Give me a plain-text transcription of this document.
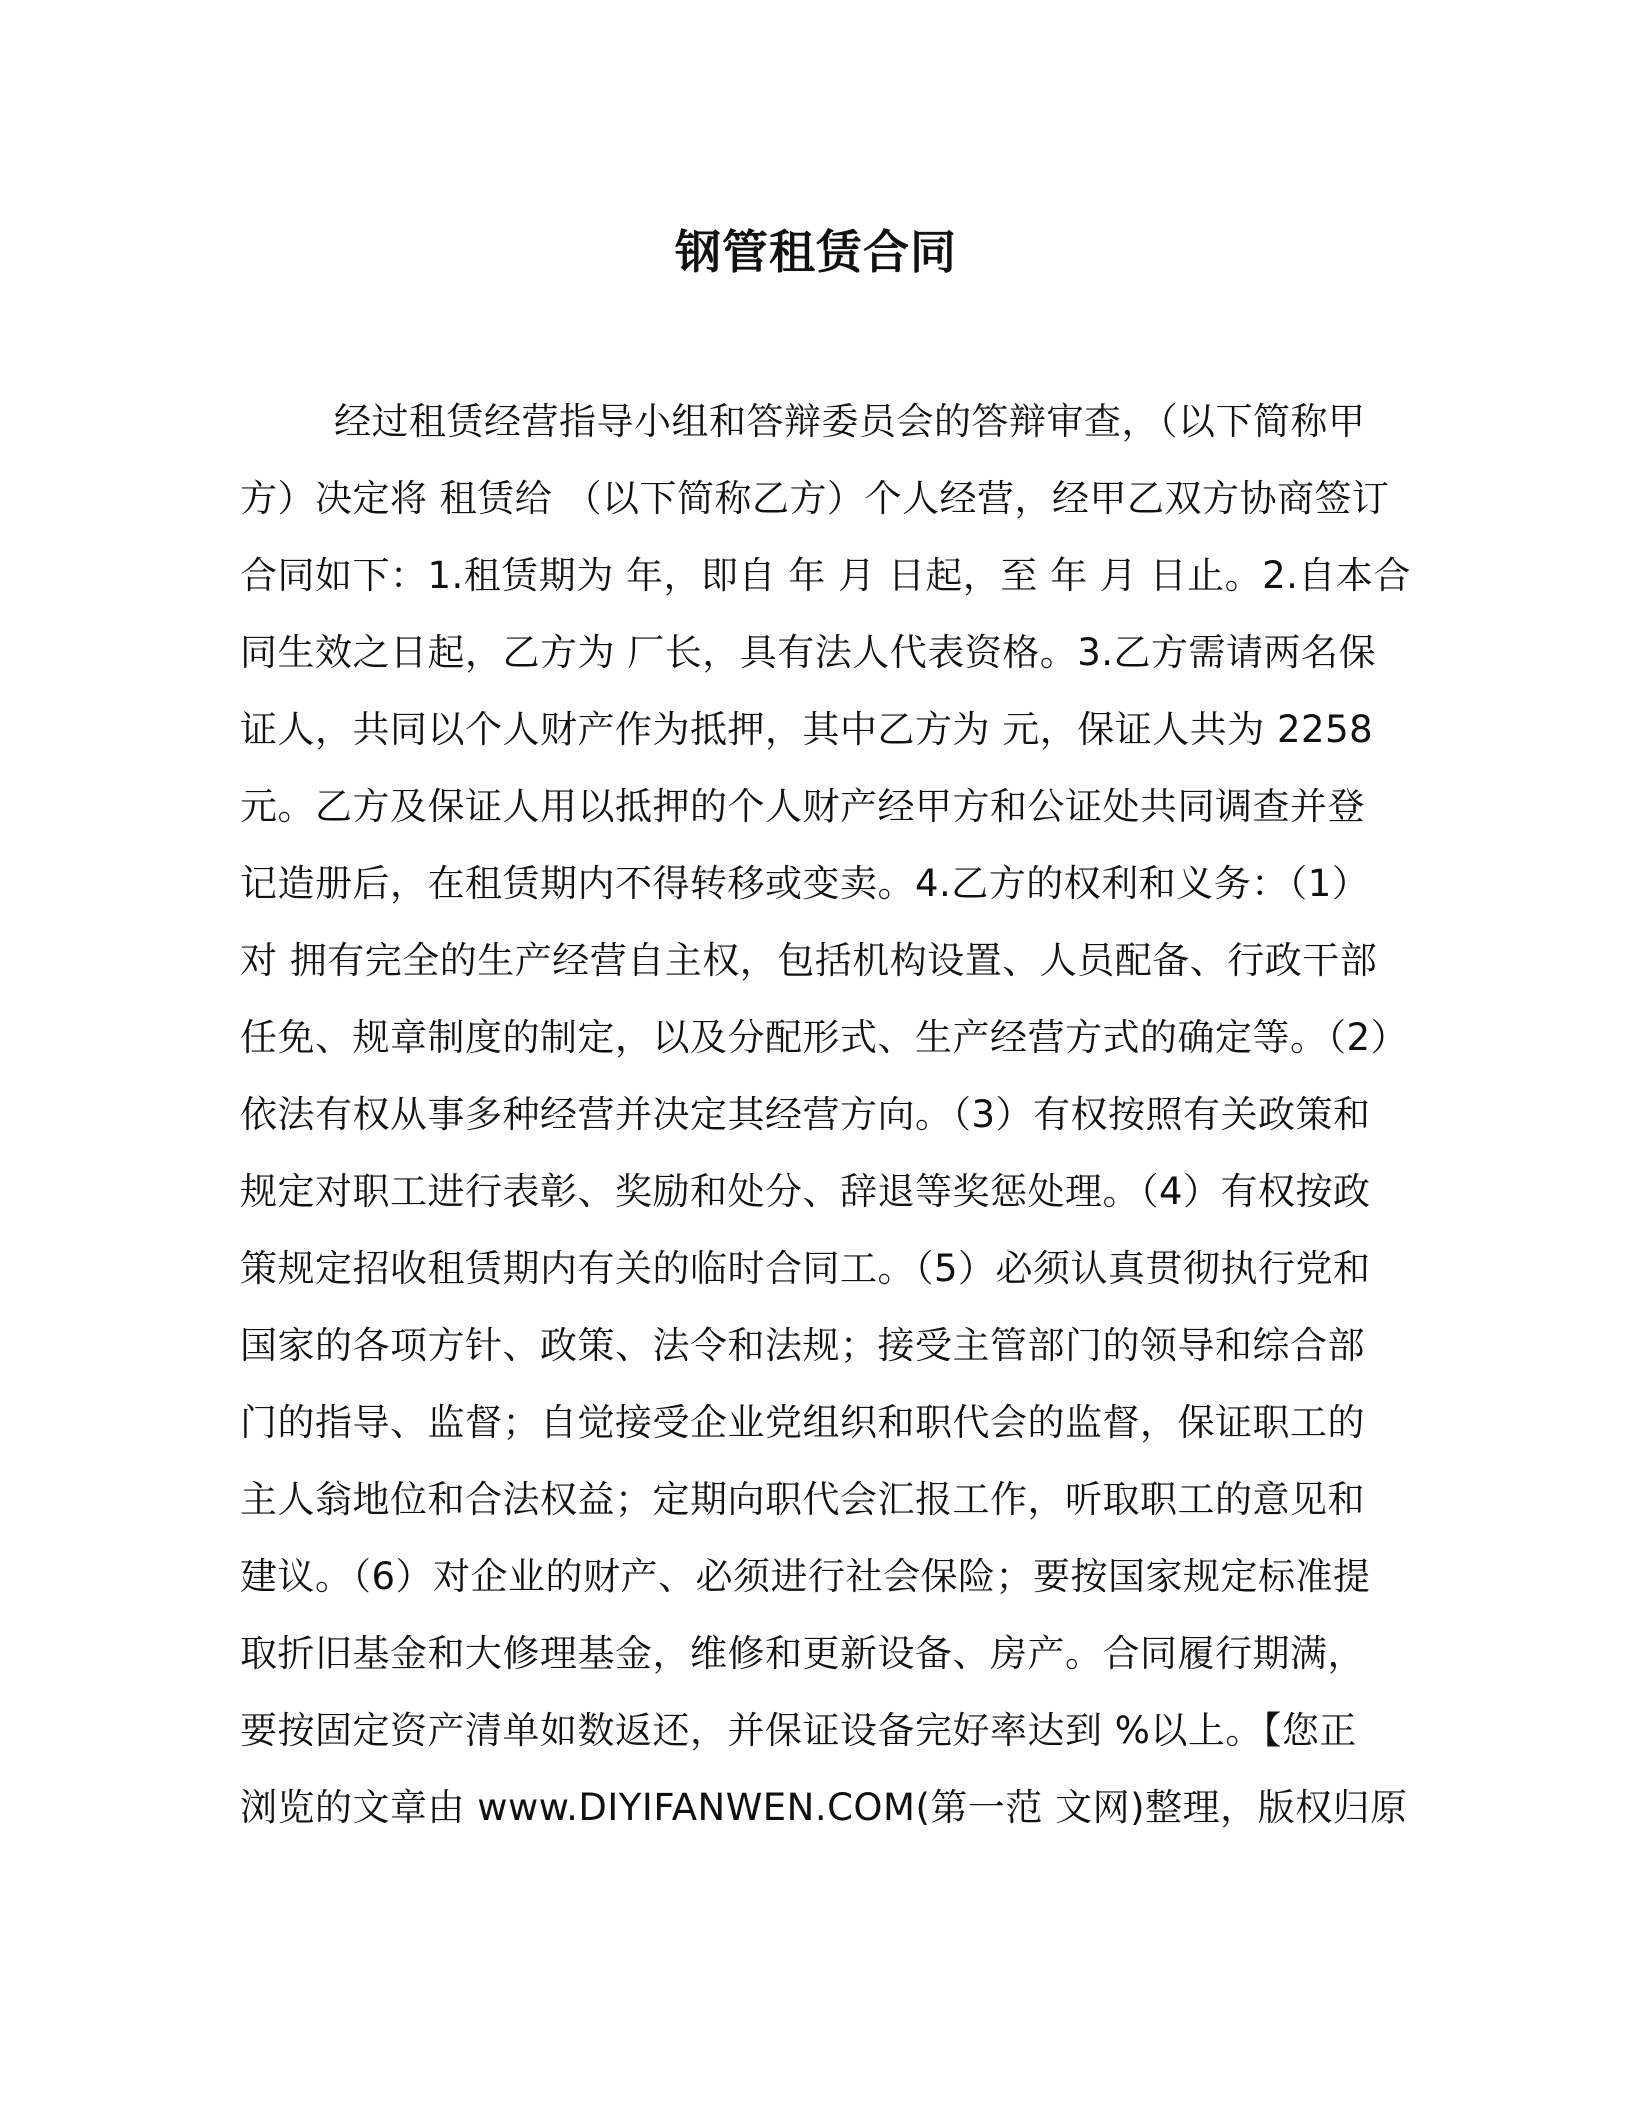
钢管租赁合同
经过租赁经营指导小组和答辩委员会的答辩审查，（以下简称甲
方）决定将 租赁给 （以下简称乙方）个人经营，经甲乙双方协商签订
合同如下：1.租赁期为 年，即自 年 月 日起，至 年 月 日止。2.自本合
同生效之日起，乙方为 厂长，具有法人代表资格。3.乙方需请两名保
证人，共同以个人财产作为抵押，其中乙方为 元，保证人共为 2258
元。乙方及保证人用以抵押的个人财产经甲方和公证处共同调查并登
记造册后，在租赁期内不得转移或变卖。4.乙方的权利和义务：（1）
对 拥有完全的生产经营自主权，包括机构设置、人员配备、行政干部
任免、规章制度的制定，以及分配形式、生产经营方式的确定等。（2）
依法有权从事多种经营并决定其经营方向。（3）有权按照有关政策和
规定对职工进行表彰、奖励和处分、辞退等奖惩处理。（4）有权按政
策规定招收租赁期内有关的临时合同工。（5）必须认真贯彻执行党和
国家的各项方针、政策、法令和法规；接受主管部门的领导和综合部
门的指导、监督；自觉接受企业党组织和职代会的监督，保证职工的
主人翁地位和合法权益；定期向职代会汇报工作，听取职工的意见和
建议。（6）对企业的财产、必须进行社会保险；要按国家规定标准提
取折旧基金和大修理基金，维修和更新设备、房产。合同履行期满，
要按固定资产清单如数返还，并保证设备完好率达到 %以上。【您正
浏览的文章由 www.DIYIFANWEN.COM(第一范 文网)整理，版权归原
